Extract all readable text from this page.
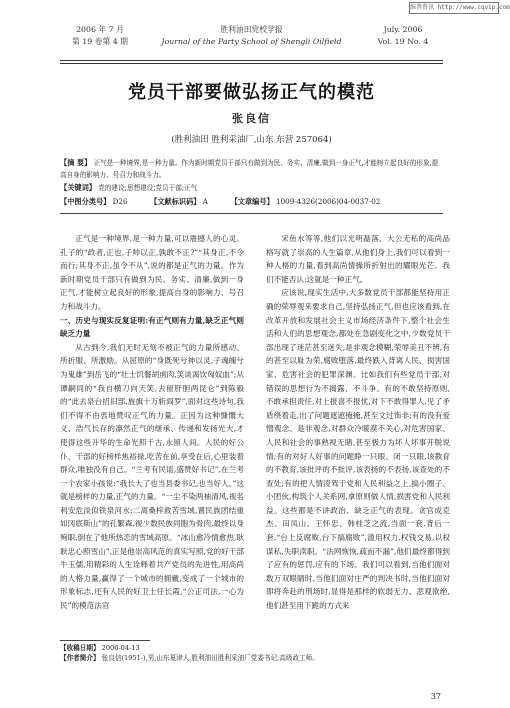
维普资讯 http://www.cqvip.com
2006 年 7 月
第 19 卷第 4 期
胜利油田党校学报
Journal of the Party School of Shengli Oilfield
July. 2006
Vol. 19 No. 4
党员干部要做弘扬正气的模范
张良信
(胜利油田 胜利采油厂,山东 东营 257064)
【摘 要】 正气是一种境界,是一种力量。作为新时期党员干部只有做到为民、务实、清廉,做到一身正气,才能树立起良好的形象,提高自身的影响力、号召力和战斗力。
【关键词】 党的建设;思想建设;党员干部;正气
【中图分类号】 D26	【文献标识码】 A	【文章编号】 1009-4326(2006)04-0037-02

正气是一种境界,是一种力量,可以震撼人的心灵。孔子的“政者,正也,子帅以正,孰敢不正?”“其身正,不令而行;其身不正,虽令不从”,说的都是正气的力量。作为新时期党员干部只有做到为民、务实、清廉,做到一身正气,才能树立起良好的形象,提高自身的影响力、号召力和战斗力。

一、历史与现实反复证明:有正气则有力量,缺乏正气则缺乏力量

从古到今,我们无时无刻不被正气的力量所感动、所折服、所激励。从屈原的“身既死兮神以灵,子魂魄兮为鬼雄”到岳飞的“壮士饥餐胡虏肉,笑谈渴饮匈奴血”;从谭嗣同的“我自横刀向天笑,去留肝胆两昆仑”到陈毅的“此去泉台招旧部,旌旗十万斩阎罗”,面对这些诗句,我们不得不由衷地赞叹正气的力量。正因为这种慷慨大义、浩气长存的凛然正气的继承、传递和发扬光大,才使得这些升华的生命光照千古,永留人间。人民的好公仆、干部的好榜样焦裕禄,吃苦在前,享受在后,心里装着群众,唯独没有自己。“兰考有民谣,盛赞好书记”,在兰考一个农家小孩说:“我长大了也当县委书记,也当好人。”这就是榜样的力量,正气的力量。“一尘不染两袖清风,视名利安危淡似铁泉河水;二离桑梓救苦雪域,置民族团结重如冈底斯山”的孔繁森,视少数民族同胞为骨肉,最终以身殉职,倒在了他所热恋的雪域高原。“冰山愈冷情愈热,耿耿忠心照雪山”,正是他崇高风范的真实写照,党的好干部牛玉儒,用精彩的人生诠释着共产党员的先进性,用高尚的人格力量,赢得了一个城市的拥戴,变成了一个城市的形象标志,还有人民的好卫士任长霞,“公正司法,一心为民”的模范法官

宋鱼水等等,他们以光明磊落、大公无私的高尚品格写就了崇高的人生篇章,从他们身上,我们可以看到一种人格的力量,看到高尚情操所折射出的耀眼光芒。我们不能否认:这就是一种正气。

应该说,现实生活中,大多数党员干部都能坚持用正确的荣辱观来要求自己,坚持弘扬正气,但也应该看到,在改革开放和发展社会主义市场经济条件下,整个社会生活和人们的思想观念,都处在急剧变化之中,少数党员干部出现了迷茫甚至迷失,是非观念模糊,荣辱美丑不辨,有的甚至以耻为荣,腐败堕落,最终跌入背离人民、损害国家、危害社会的犯罪深渊。比如我们有些党员干部,对错误的思想行为不揭露、不斗争。有的不敢坚持原则,不敢承担责任,对上报喜不报忧,对下不敢得罪人,见了矛盾绕着走,出了问题遮遮掩掩,甚至文过饰非;有的没有爱憎观念、是非观念,对群众冷暖漠不关心,对危害国家、人民和社会的事熟视无睹,甚至极力为坏人坏事开脱说情;有的对好人好事的问题睁一只眼、闭一只眼,该教育的不教育,该批评的不批评,该表扬的不表扬,该查处的不查处;有的把人情凌驾于党和人民利益之上,搞小圈子、小团伙,构筑个人关系网,拿原则做人情,损害党和人民利益。这些都是不讲政治、缺乏正气的表现。贪官成克杰、田凤山、王怀忠、韩桂芝之流,当面一套,背后一套,“台上反腐败,台下搞腐败”,滥用权力,权钱交易,以权谋私,失职渎职。“法网恢恢,疏而不漏”,他们最终都得到了应有的惩罚,应有的下场。我们可以看到,当他们面对数万双眼睛时,当他们面对庄严的判决书时,当他们面对即将奔赴的刑场时,显得是那样的软弱无力、悲观欲绝,他们甚至用下跪的方式来

【收稿日期】 2006-04-13
【作者简介】 张良信(1951-),男,山东夏津人,胜利油田胜利采油厂党委书记,高级政工师。
37
